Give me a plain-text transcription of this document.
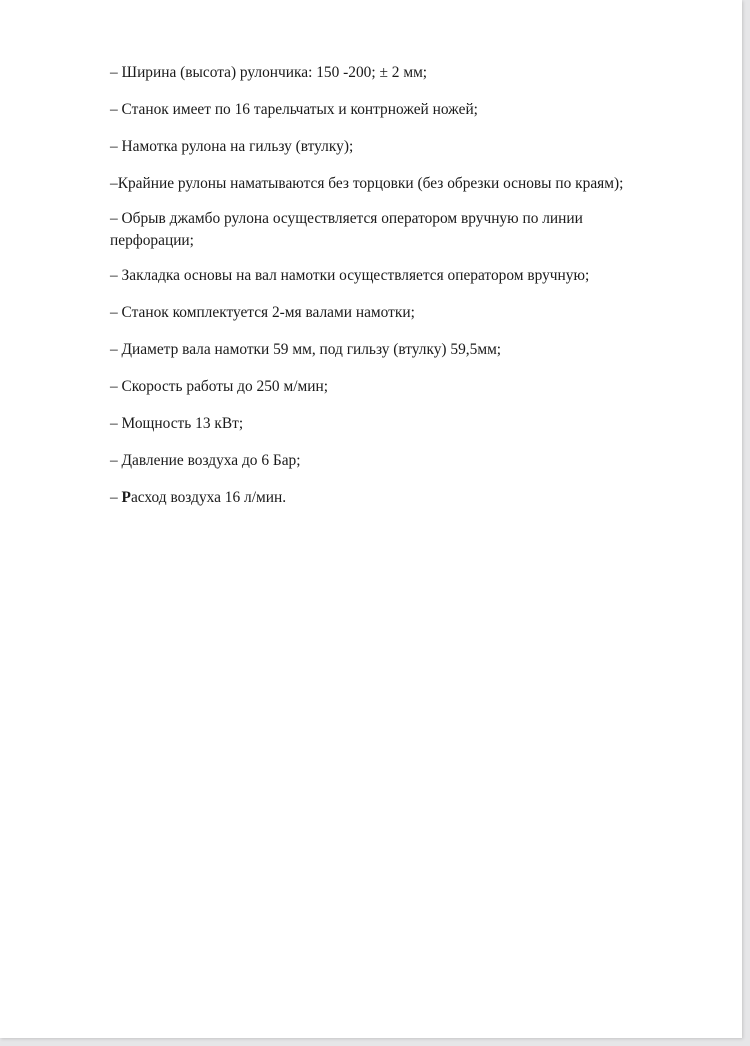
– Ширина (высота) рулончика: 150 -200; ± 2 мм;
– Станок имеет по 16 тарельчатых и контрножей ножей;
– Намотка рулона на гильзу (втулку);
–Крайние рулоны наматываются без торцовки (без обрезки основы по краям);
– Обрыв джамбо рулона осуществляется оператором вручную по линии перфорации;
– Закладка основы на вал намотки осуществляется оператором вручную;
– Станок комплектуется 2-мя валами намотки;
– Диаметр вала намотки 59 мм, под гильзу (втулку) 59,5мм;
– Скорость работы до 250 м/мин;
– Мощность 13 кВт;
– Давление воздуха до 6 Бар;
– Расход воздуха 16 л/мин.
